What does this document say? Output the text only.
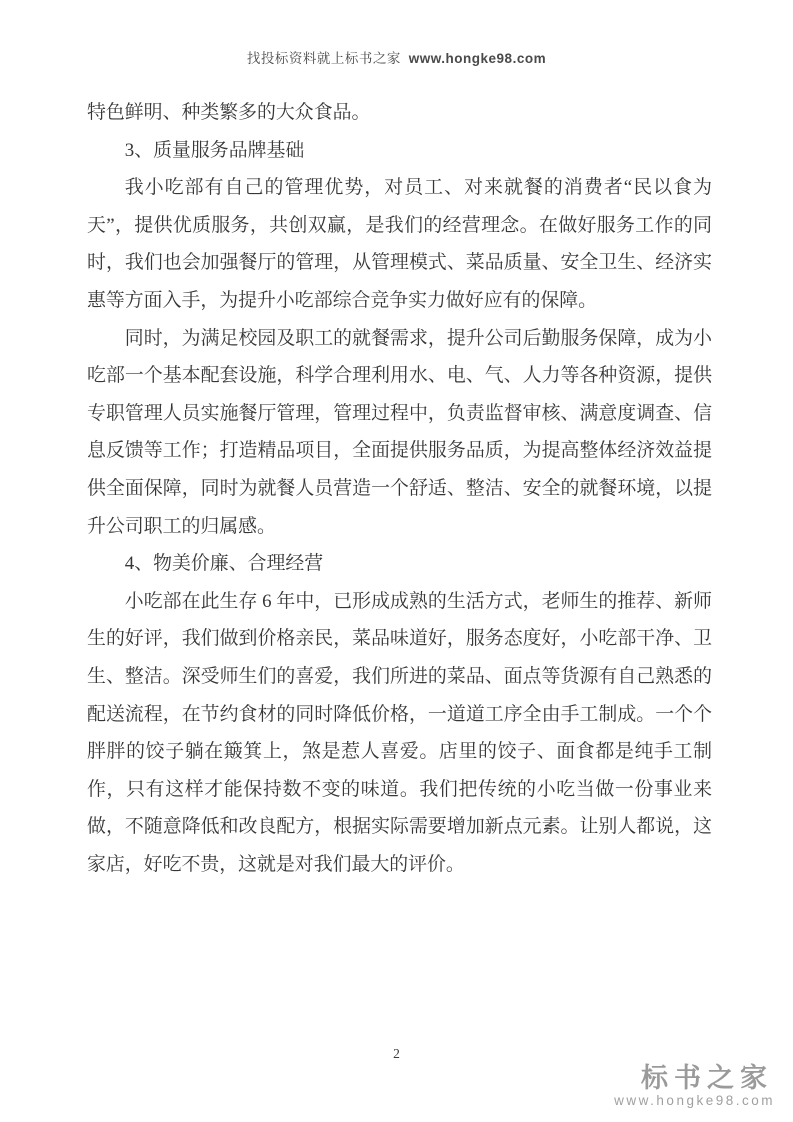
找投标资料就上标书之家 www.hongke98.com

特色鲜明、种类繁多的大众食品。

3、质量服务品牌基础

我小吃部有自己的管理优势，对员工、对来就餐的消费者“民以食为天”，提供优质服务，共创双赢，是我们的经营理念。在做好服务工作的同时，我们也会加强餐厅的管理，从管理模式、菜品质量、安全卫生、经济实惠等方面入手，为提升小吃部综合竞争实力做好应有的保障。

同时，为满足校园及职工的就餐需求，提升公司后勤服务保障，成为小吃部一个基本配套设施，科学合理利用水、电、气、人力等各种资源，提供专职管理人员实施餐厅管理，管理过程中，负责监督审核、满意度调查、信息反馈等工作；打造精品项目，全面提供服务品质，为提高整体经济效益提供全面保障，同时为就餐人员营造一个舒适、整洁、安全的就餐环境，以提升公司职工的归属感。

4、物美价廉、合理经营

小吃部在此生存 6 年中，已形成成熟的生活方式，老师生的推荐、新师生的好评，我们做到价格亲民，菜品味道好，服务态度好，小吃部干净、卫生、整洁。深受师生们的喜爱，我们所进的菜品、面点等货源有自己熟悉的配送流程，在节约食材的同时降低价格，一道道工序全由手工制成。一个个胖胖的饺子躺在簸箕上，煞是惹人喜爱。店里的饺子、面食都是纯手工制作，只有这样才能保持数不变的味道。我们把传统的小吃当做一份事业来做，不随意降低和改良配方，根据实际需要增加新点元素。让别人都说，这家店，好吃不贵，这就是对我们最大的评价。

2
标书之家
www.hongke98.com
